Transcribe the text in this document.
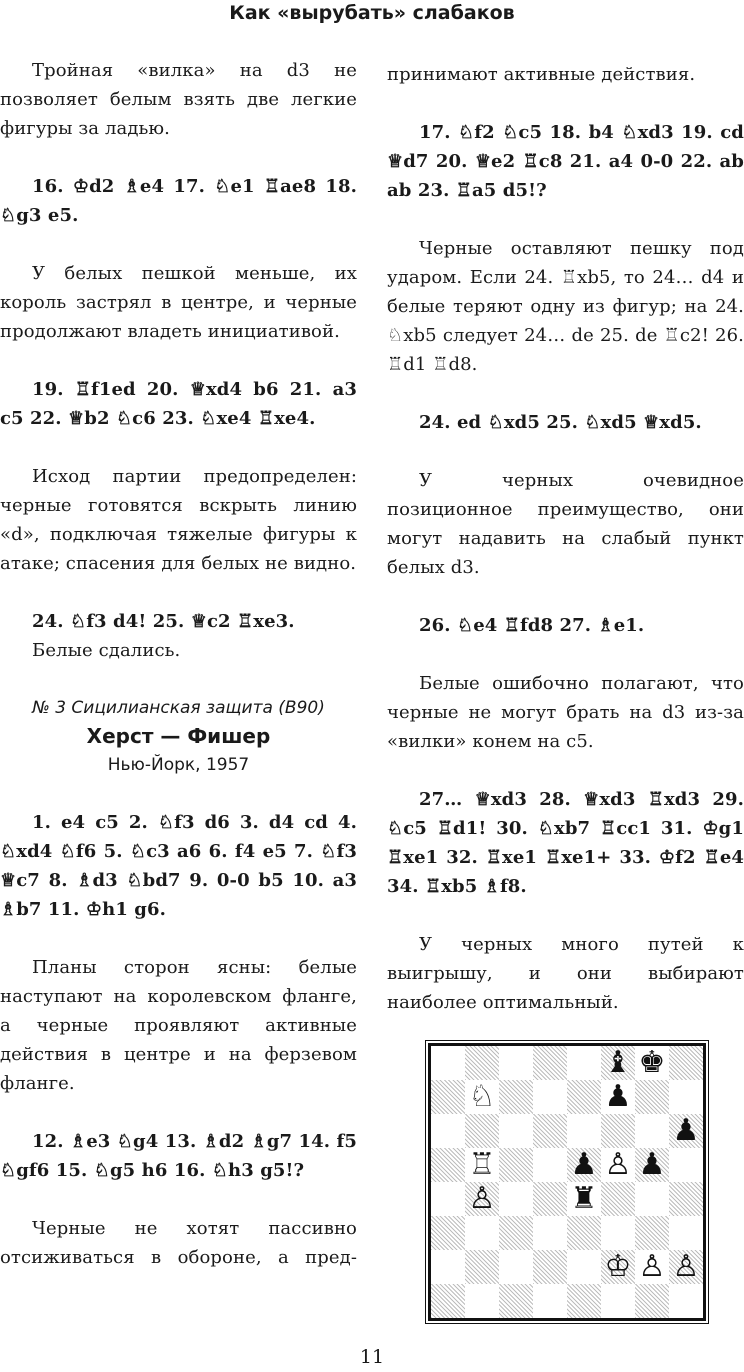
Как «вырубать» слабаков

Тройная «вилка» на d3 не позволяет белым взять две легкие фигуры за ладью.

16. ♔d2 ♗e4 17. ♘e1 ♖ae8 18. ♘g3 e5.

У белых пешкой меньше, их король застрял в центре, и черные продолжают владеть инициативой.

19. ♖f1ed 20. ♕xd4 b6 21. a3 c5 22. ♕b2 ♘c6 23. ♘xe4 ♖xe4.

Исход партии предопределен: черные готовятся вскрыть линию «d», подключая тяжелые фигуры к атаке; спасения для белых не видно.

24. ♘f3 d4! 25. ♕c2 ♖xe3.

Белые сдались.

№ 3 Сицилианская защита (B90)
Херст — Фишер
Нью-Йорк, 1957

1. e4 c5 2. ♘f3 d6 3. d4 cd 4. ♘xd4 ♘f6 5. ♘c3 a6 6. f4 e5 7. ♘f3 ♕c7 8. ♗d3 ♘bd7 9. 0-0 b5 10. a3 ♗b7 11. ♔h1 g6.

Планы сторон ясны: белые наступают на королевском фланге, а черные проявляют активные действия в центре и на ферзевом фланге.

12. ♗e3 ♘g4 13. ♗d2 ♗g7 14. f5 ♘gf6 15. ♘g5 h6 16. ♘h3 g5!?

Черные не хотят пассивно отсиживаться в обороне, а пред-

принимают активные действия.

17. ♘f2 ♘c5 18. b4 ♘xd3 19. cd ♕d7 20. ♕e2 ♖c8 21. a4 0-0 22. ab ab 23. ♖a5 d5!?

Черные оставляют пешку под ударом. Если 24. ♖xb5, то 24… d4 и белые теряют одну из фигур; на 24. ♘xb5 следует 24… de 25. de ♖c2! 26. ♖d1 ♖d8.

24. ed ♘xd5 25. ♘xd5 ♕xd5.

У черных очевидное позиционное преимущество, они могут надавить на слабый пункт белых d3.

26. ♘e4 ♖fd8 27. ♗e1.

Белые ошибочно полагают, что черные не могут брать на d3 из-за «вилки» конем на c5.

27… ♕xd3 28. ♕xd3 ♖xd3 29. ♘c5 ♖d1! 30. ♘xb7 ♖cc1 31. ♔g1 ♖xe1 32. ♖xe1 ♖xe1+ 33. ♔f2 ♖e4 34. ♖xb5 ♗f8.

У черных много путей к выигрышу, и они выбирают наиболее оптимальный.

♝ ♚
♘	♟
♟
♖	♟ ♙ ♟
♙	♜
♔ ♙ ♙
11
